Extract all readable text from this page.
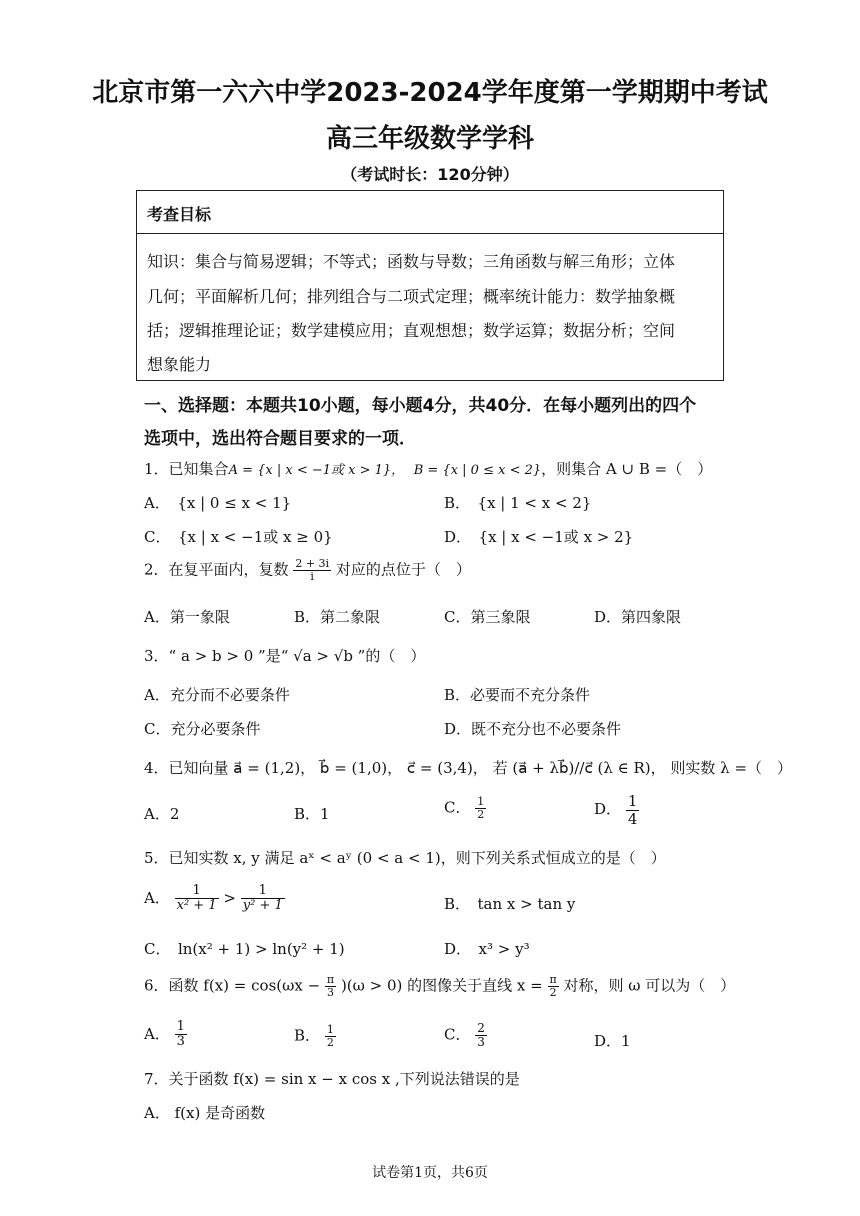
北京市第一六六中学2023-2024学年度第一学期期中考试
高三年级数学学科
（考试时长：120分钟）
考查目标
知识：集合与简易逻辑；不等式；函数与导数；三角函数与解三角形；立体
几何；平面解析几何；排列组合与二项式定理；概率统计能力：数学抽象概
括；逻辑推理论证；数学建模应用；直观想想；数学运算；数据分析；空间
想象能力
一、选择题：本题共10小题，每小题4分，共40分．在每小题列出的四个
选项中，选出符合题目要求的一项．
1．已知集合A = {x | x < −1或 x > 1}， B = {x | 0 ≤ x < 2}，则集合 A ∪ B =（　）
A．　{x | 0 ≤ x < 1}	B．　{x | 1 < x < 2}
C．　{x | x < −1或 x ≥ 0}	D．　{x | x < −1或 x > 2}
2．在复平面内，复数 $\frac{2 + 3i}{i}$ 对应的点位于（　）
A．第一象限	B．第二象限	C．第三象限	D．第四象限
3．“ a > b > 0 ”是“ √a > √b ”的（　）
A．充分而不必要条件	B．必要而不充分条件
C．充分必要条件	D．既不充分也不必要条件
4．已知向量 a⃗ = (1,2)， b⃗ = (1,0)， c⃗ = (3,4)， 若 (a⃗ + λb⃗)//c⃗ (λ ∈ R)， 则实数 λ =（　）
A．2	B．1	C． $\frac{1}{2}$	D． $\frac{1}{4}$
5．已知实数 x, y 满足 aˣ < aʸ (0 < a < 1)，则下列关系式恒成立的是（　）
A． $\frac{1}{\text{x² + 1}} > \frac{1}{\text{y² + 1}}$	B．　tan x > tan y
C．　ln(x² + 1) > ln(y² + 1)	D．　x³ > y³
6．函数 $f(x) = \cos(\omega x - \frac{\pi}{3} )(\omega > 0)$ 的图像关于直线 $x = \frac{\pi}{2}$ 对称，则 ω 可以为（　）
A． $\frac{1}{3}$	B． $\frac{1}{2}$	C． $\frac{2}{3}$	D．1
7．关于函数 f(x) = sin x − x cos x ,下列说法错误的是
A． f(x) 是奇函数
试卷第1页，共6页
